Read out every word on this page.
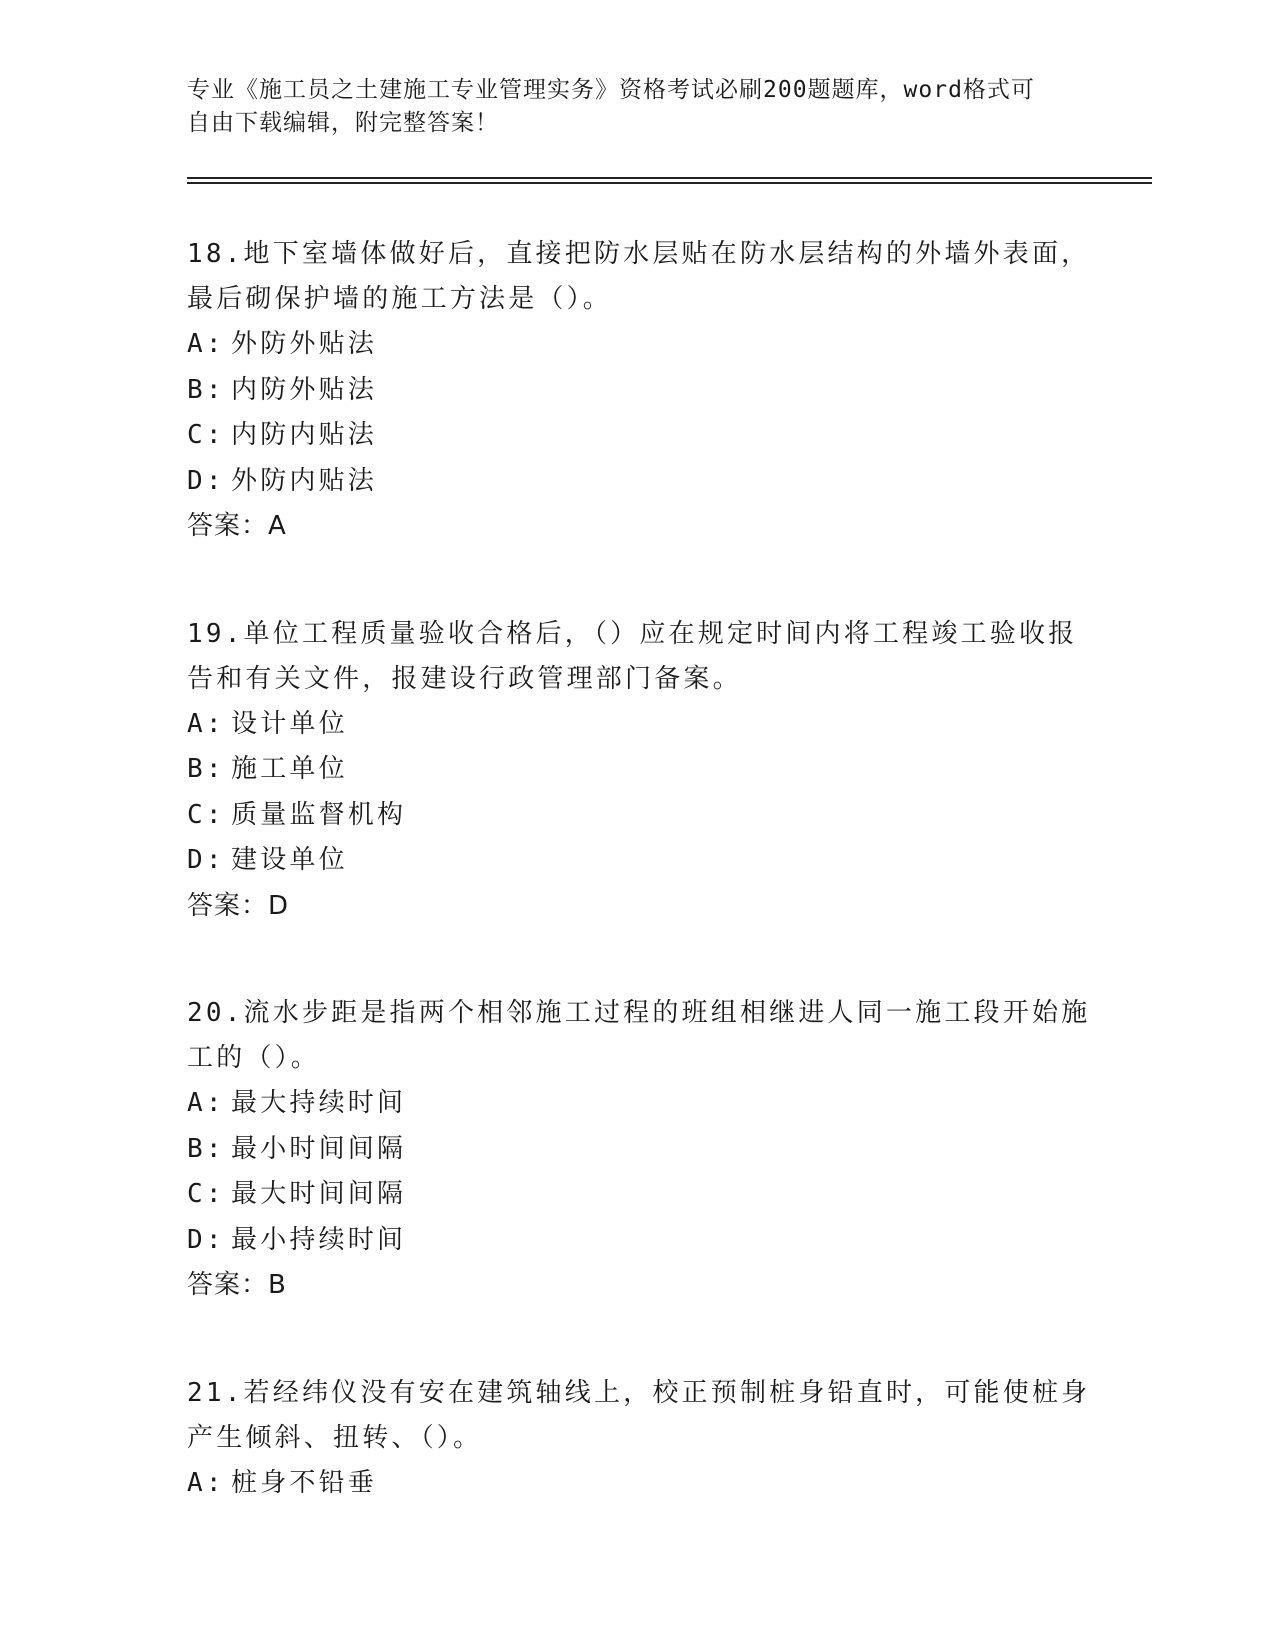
专业《施工员之土建施工专业管理实务》资格考试必刷200题题库，word格式可

自由下载编辑，附完整答案！

18.地下室墙体做好后，直接把防水层贴在防水层结构的外墙外表面，

最后砌保护墙的施工方法是（）。

A: 外防外贴法
B: 内防外贴法
C: 内防内贴法
D: 外防内贴法
答案：A

19.单位工程质量验收合格后，（）应在规定时间内将工程竣工验收报

告和有关文件，报建设行政管理部门备案。

A: 设计单位
B: 施工单位
C: 质量监督机构
D: 建设单位
答案：D

20.流水步距是指两个相邻施工过程的班组相继进人同一施工段开始施

工的（）。

A: 最大持续时间
B: 最小时间间隔
C: 最大时间间隔
D: 最小持续时间
答案：B

21.若经纬仪没有安在建筑轴线上，校正预制桩身铅直时，可能使桩身

产生倾斜、扭转、（）。

A: 桩身不铅垂
